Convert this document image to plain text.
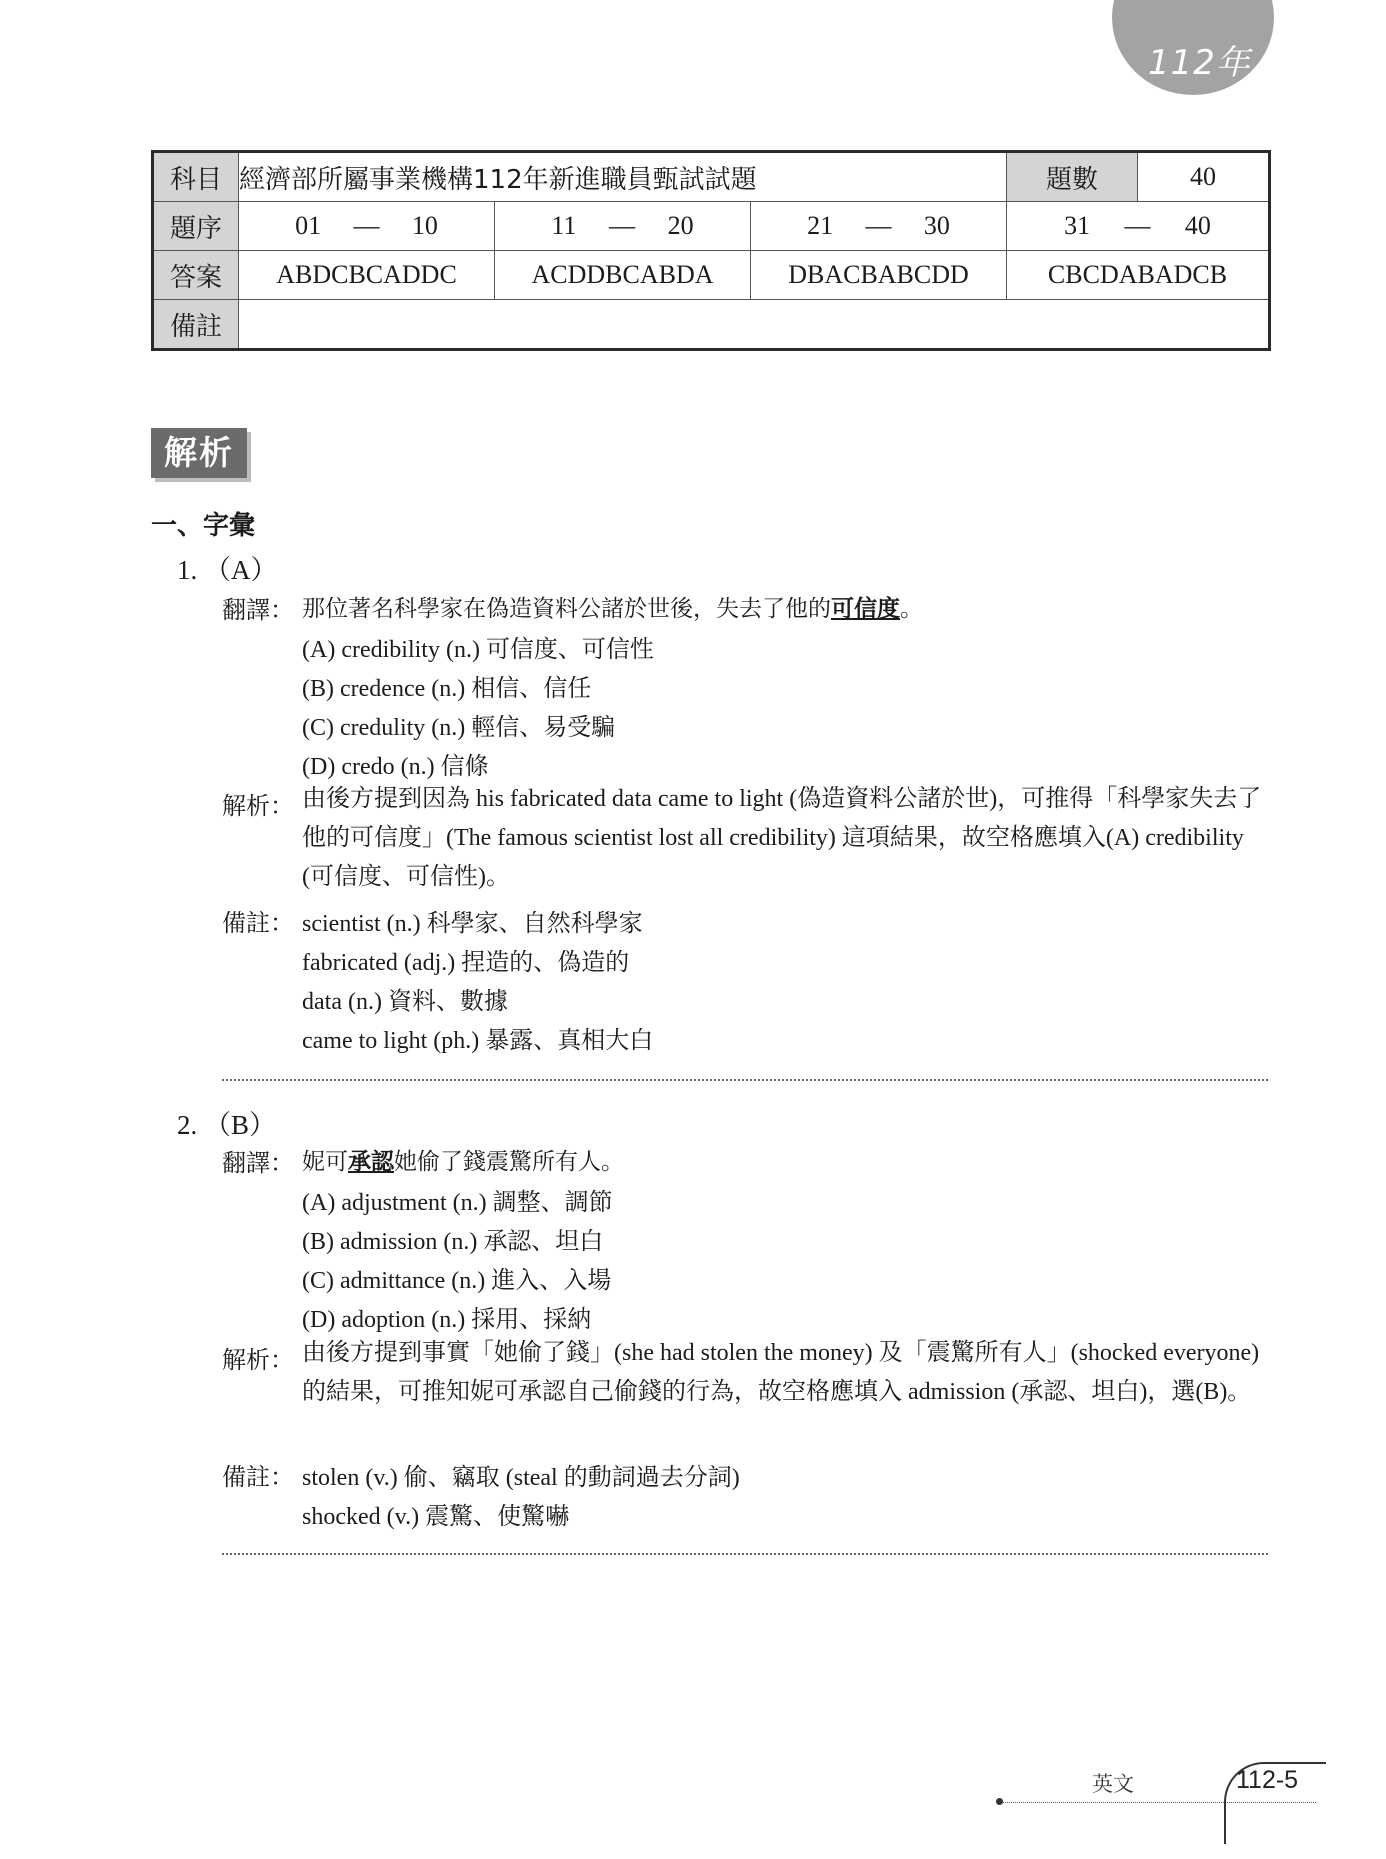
112年
科目	經濟部所屬事業機構112年新進職員甄試試題			題數	40
題序	01 — 10	11 — 20	21 — 30	31 — 40	

答案	ABDCBCADDC	ACDDBCABDA	DBACBABCDD	CBCDABADCB	
備註					
解析
一、字彙
1. （A）
翻譯： 那位著名科學家在偽造資料公諸於世後，失去了他的可信度。
(A) credibility (n.) 可信度、可信性
(B) credence (n.) 相信、信任
(C) credulity (n.) 輕信、易受騙
(D) credo (n.) 信條
解析： 由後方提到因為 his fabricated data came to light (偽造資料公諸於世)，可推得「科學家失去了他的可信度」(The famous scientist lost all credibility) 這項結果，故空格應填入(A) credibility (可信度、可信性)。
備註： scientist (n.) 科學家、自然科學家
fabricated (adj.) 捏造的、偽造的
data (n.) 資料、數據
came to light (ph.) 暴露、真相大白
2. （B）
翻譯： 妮可承認她偷了錢震驚所有人。
(A) adjustment (n.) 調整、調節
(B) admission (n.) 承認、坦白
(C) admittance (n.) 進入、入場
(D) adoption (n.) 採用、採納
解析： 由後方提到事實「她偷了錢」(she had stolen the money) 及「震驚所有人」(shocked everyone) 的結果，可推知妮可承認自己偷錢的行為，故空格應填入 admission (承認、坦白)，選(B)。
備註： stolen (v.) 偷、竊取 (steal 的動詞過去分詞)
shocked (v.) 震驚、使驚嚇
英文	112-5
